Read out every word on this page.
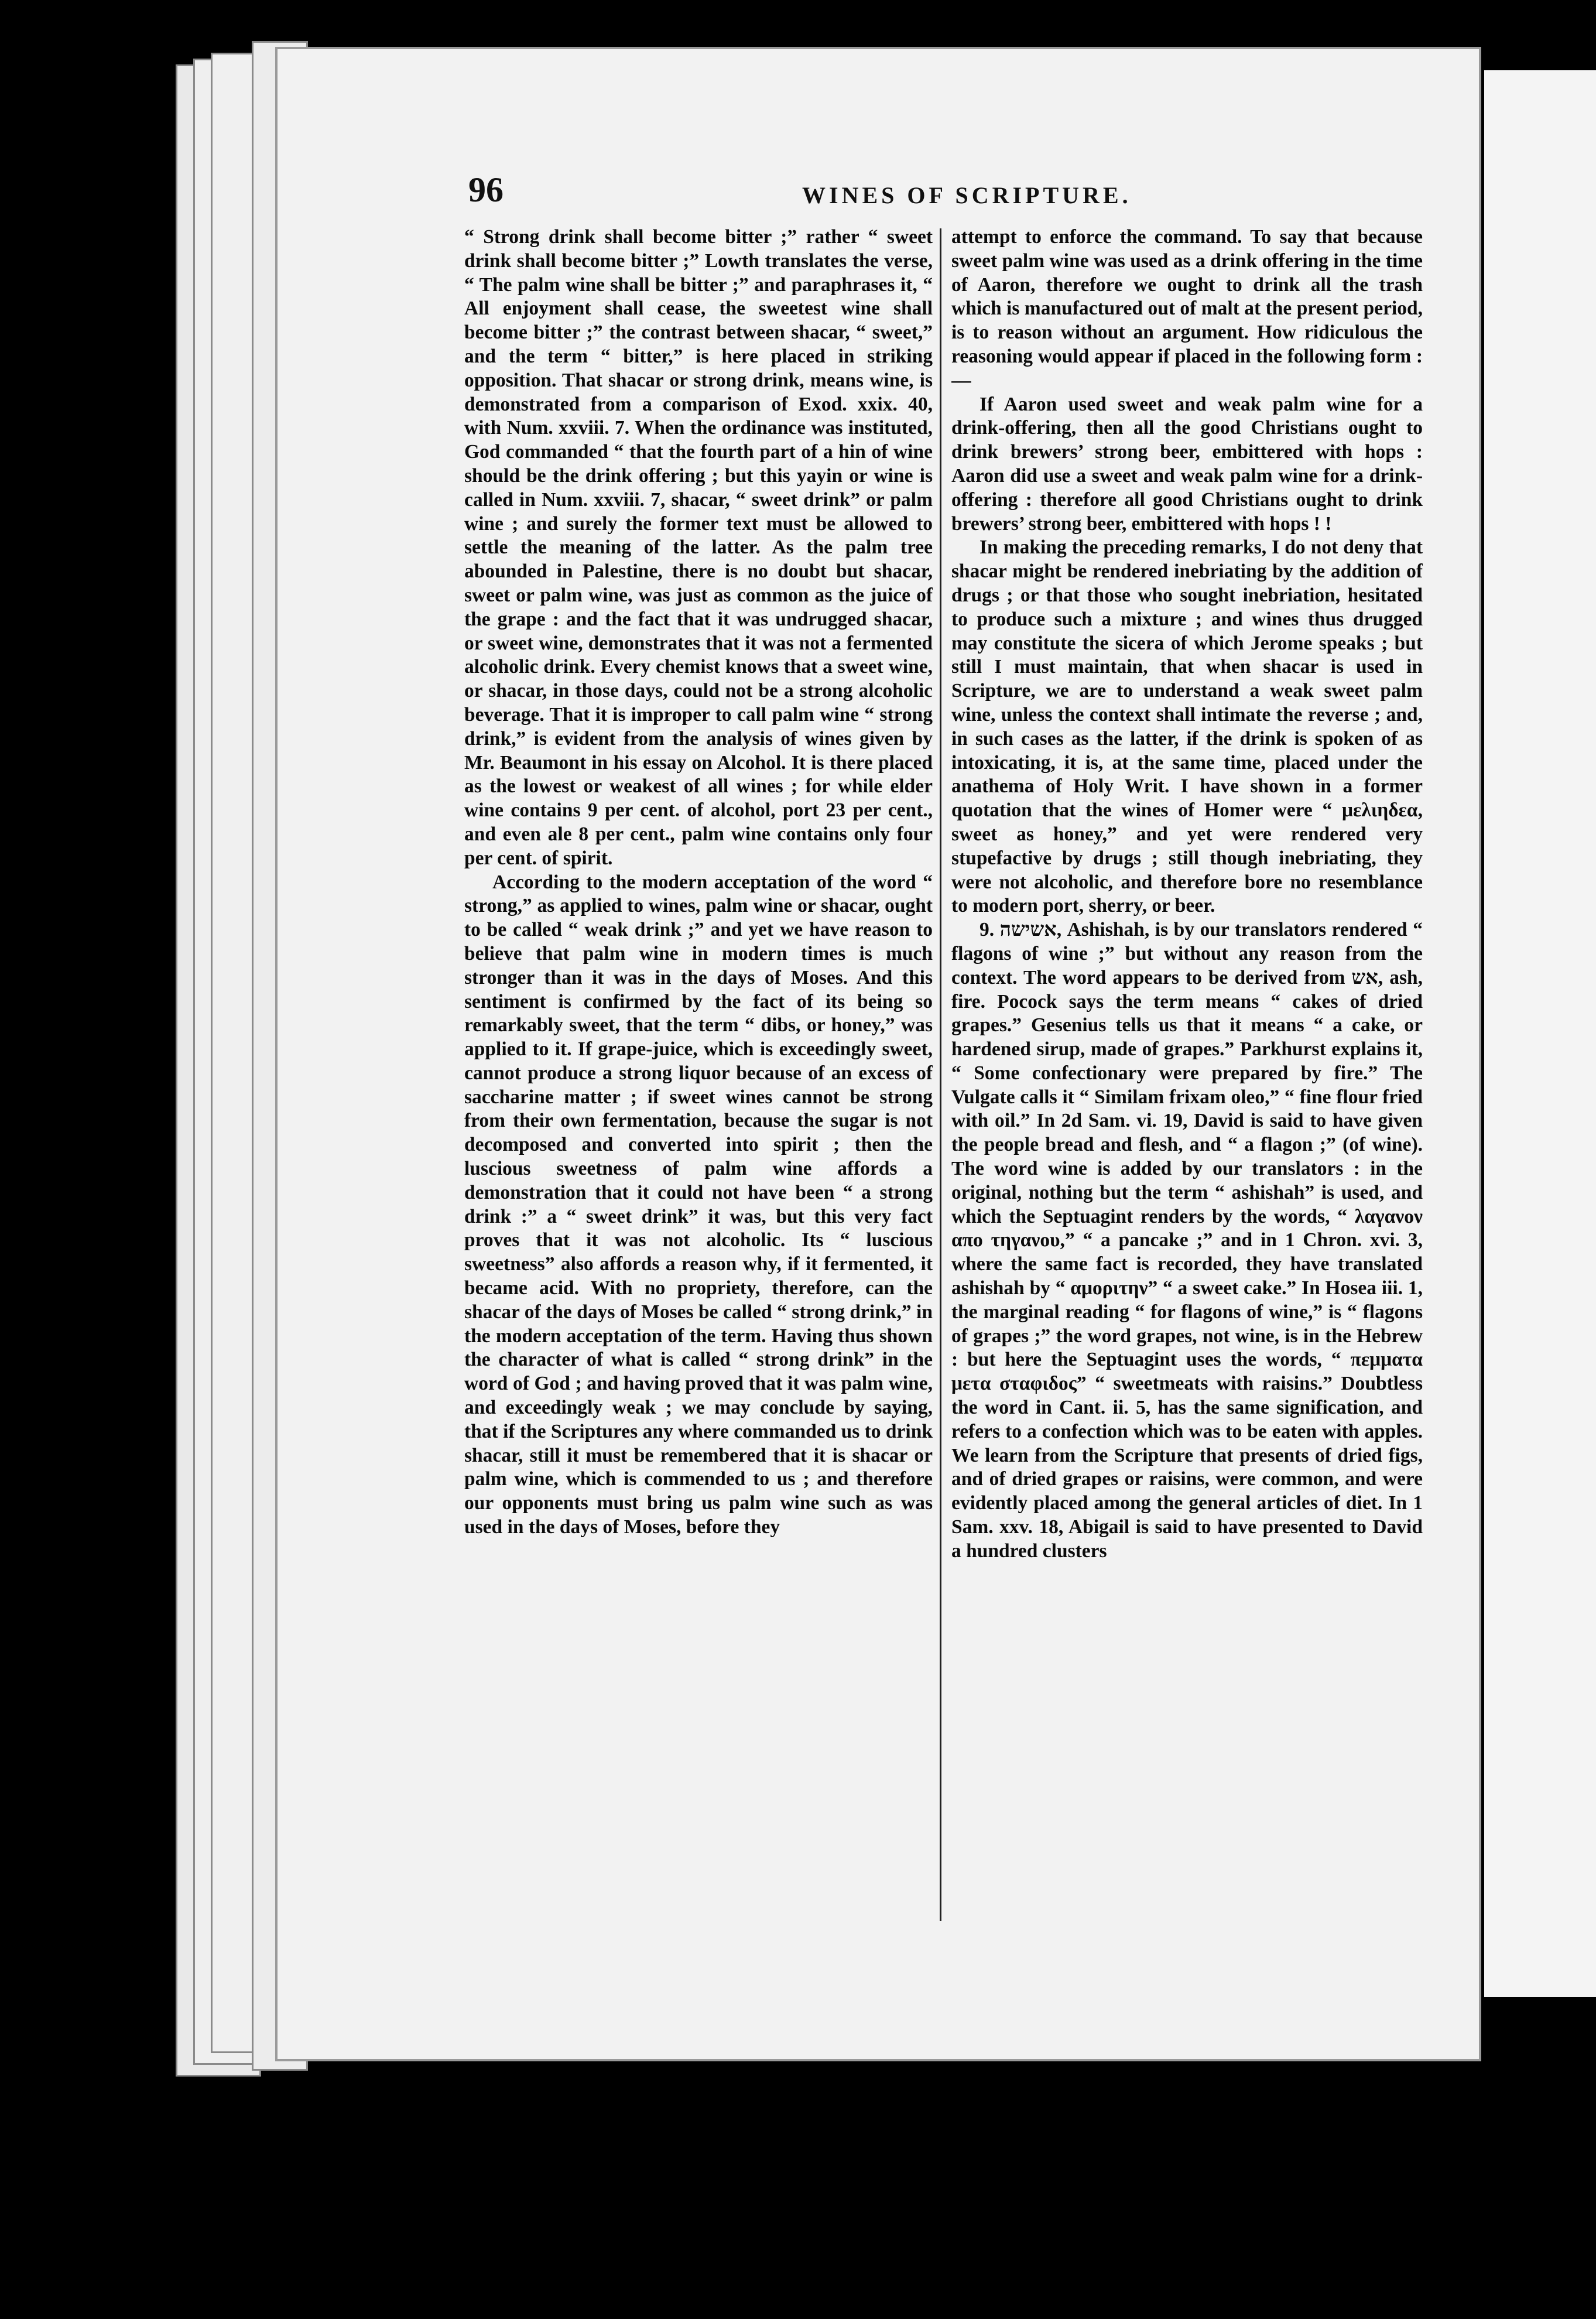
96	WINES OF SCRIPTURE.

“ Strong drink shall become bitter ;” rather “ sweet drink shall become bitter ;” Lowth translates the verse, “ The palm wine shall be bitter ;” and paraphrases it, “ All enjoyment shall cease, the sweetest wine shall become bitter ;” the contrast between shacar, “ sweet,” and the term “ bitter,” is here placed in striking opposition. That shacar or strong drink, means wine, is demonstrated from a comparison of Exod. xxix. 40, with Num. xxviii. 7. When the ordinance was instituted, God commanded “ that the fourth part of a hin of wine should be the drink offering ; but this yayin or wine is called in Num. xxviii. 7, shacar, “ sweet drink” or palm wine ; and surely the former text must be allowed to settle the meaning of the latter. As the palm tree abounded in Palestine, there is no doubt but shacar, sweet or palm wine, was just as common as the juice of the grape : and the fact that it was undrugged shacar, or sweet wine, demonstrates that it was not a fermented alcoholic drink. Every chemist knows that a sweet wine, or shacar, in those days, could not be a strong alcoholic beverage. That it is improper to call palm wine “ strong drink,” is evident from the analysis of wines given by Mr. Beaumont in his essay on Alcohol. It is there placed as the lowest or weakest of all wines ; for while elder wine contains 9 per cent. of alcohol, port 23 per cent., and even ale 8 per cent., palm wine contains only four per cent. of spirit.

According to the modern acceptation of the word “ strong,” as applied to wines, palm wine or shacar, ought to be called “ weak drink ;” and yet we have reason to believe that palm wine in modern times is much stronger than it was in the days of Moses. And this sentiment is confirmed by the fact of its being so remarkably sweet, that the term “ dibs, or honey,” was applied to it. If grape-juice, which is exceedingly sweet, cannot produce a strong liquor because of an excess of saccharine matter ; if sweet wines cannot be strong from their own fermentation, because the sugar is not decomposed and converted into spirit ; then the luscious sweetness of palm wine affords a demonstration that it could not have been “ a strong drink :” a “ sweet drink” it was, but this very fact proves that it was not alcoholic. Its “ luscious sweetness” also affords a reason why, if it fermented, it became acid. With no propriety, therefore, can the shacar of the days of Moses be called “ strong drink,” in the modern acceptation of the term. Having thus shown the character of what is called “ strong drink” in the word of God ; and having proved that it was palm wine, and exceedingly weak ; we may conclude by saying, that if the Scriptures any where commanded us to drink shacar, still it must be remembered that it is shacar or palm wine, which is commended to us ; and therefore our opponents must bring us palm wine such as was used in the days of Moses, before they

attempt to enforce the command. To say that because sweet palm wine was used as a drink offering in the time of Aaron, therefore we ought to drink all the trash which is manufactured out of malt at the present period, is to reason without an argument. How ridiculous the reasoning would appear if placed in the following form :—

If Aaron used sweet and weak palm wine for a drink-offering, then all the good Christians ought to drink brewers’ strong beer, embittered with hops : Aaron did use a sweet and weak palm wine for a drink-offering : therefore all good Christians ought to drink brewers’ strong beer, embittered with hops ! !

In making the preceding remarks, I do not deny that shacar might be rendered inebriating by the addition of drugs ; or that those who sought inebriation, hesitated to produce such a mixture ; and wines thus drugged may constitute the sicera of which Jerome speaks ; but still I must maintain, that when shacar is used in Scripture, we are to understand a weak sweet palm wine, unless the context shall intimate the reverse ; and, in such cases as the latter, if the drink is spoken of as intoxicating, it is, at the same time, placed under the anathema of Holy Writ. I have shown in a former quotation that the wines of Homer were “ μελιηδεα, sweet as honey,” and yet were rendered very stupefactive by drugs ; still though inebriating, they were not alcoholic, and therefore bore no resemblance to modern port, sherry, or beer.

9. אשישה, Ashishah, is by our translators rendered “ flagons of wine ;” but without any reason from the context. The word appears to be derived from אש, ash, fire. Pocock says the term means “ cakes of dried grapes.” Gesenius tells us that it means “ a cake, or hardened sirup, made of grapes.” Parkhurst explains it, “ Some confectionary were prepared by fire.” The Vulgate calls it “ Similam frixam oleo,” “ fine flour fried with oil.” In 2d Sam. vi. 19, David is said to have given the people bread and flesh, and “ a flagon ;” (of wine). The word wine is added by our translators : in the original, nothing but the term “ ashishah” is used, and which the Septuagint renders by the words, “ λαγανον απο τηγανου,” “ a pancake ;” and in 1 Chron. xvi. 3, where the same fact is recorded, they have translated ashishah by “ αμοριτην” “ a sweet cake.” In Hosea iii. 1, the marginal reading “ for flagons of wine,” is “ flagons of grapes ;” the word grapes, not wine, is in the Hebrew : but here the Septuagint uses the words, “ πεμματα μετα σταφιδος” “ sweetmeats with raisins.” Doubtless the word in Cant. ii. 5, has the same signification, and refers to a confection which was to be eaten with apples. We learn from the Scripture that presents of dried figs, and of dried grapes or raisins, were common, and were evidently placed among the general articles of diet. In 1 Sam. xxv. 18, Abigail is said to have presented to David a hundred clusters
